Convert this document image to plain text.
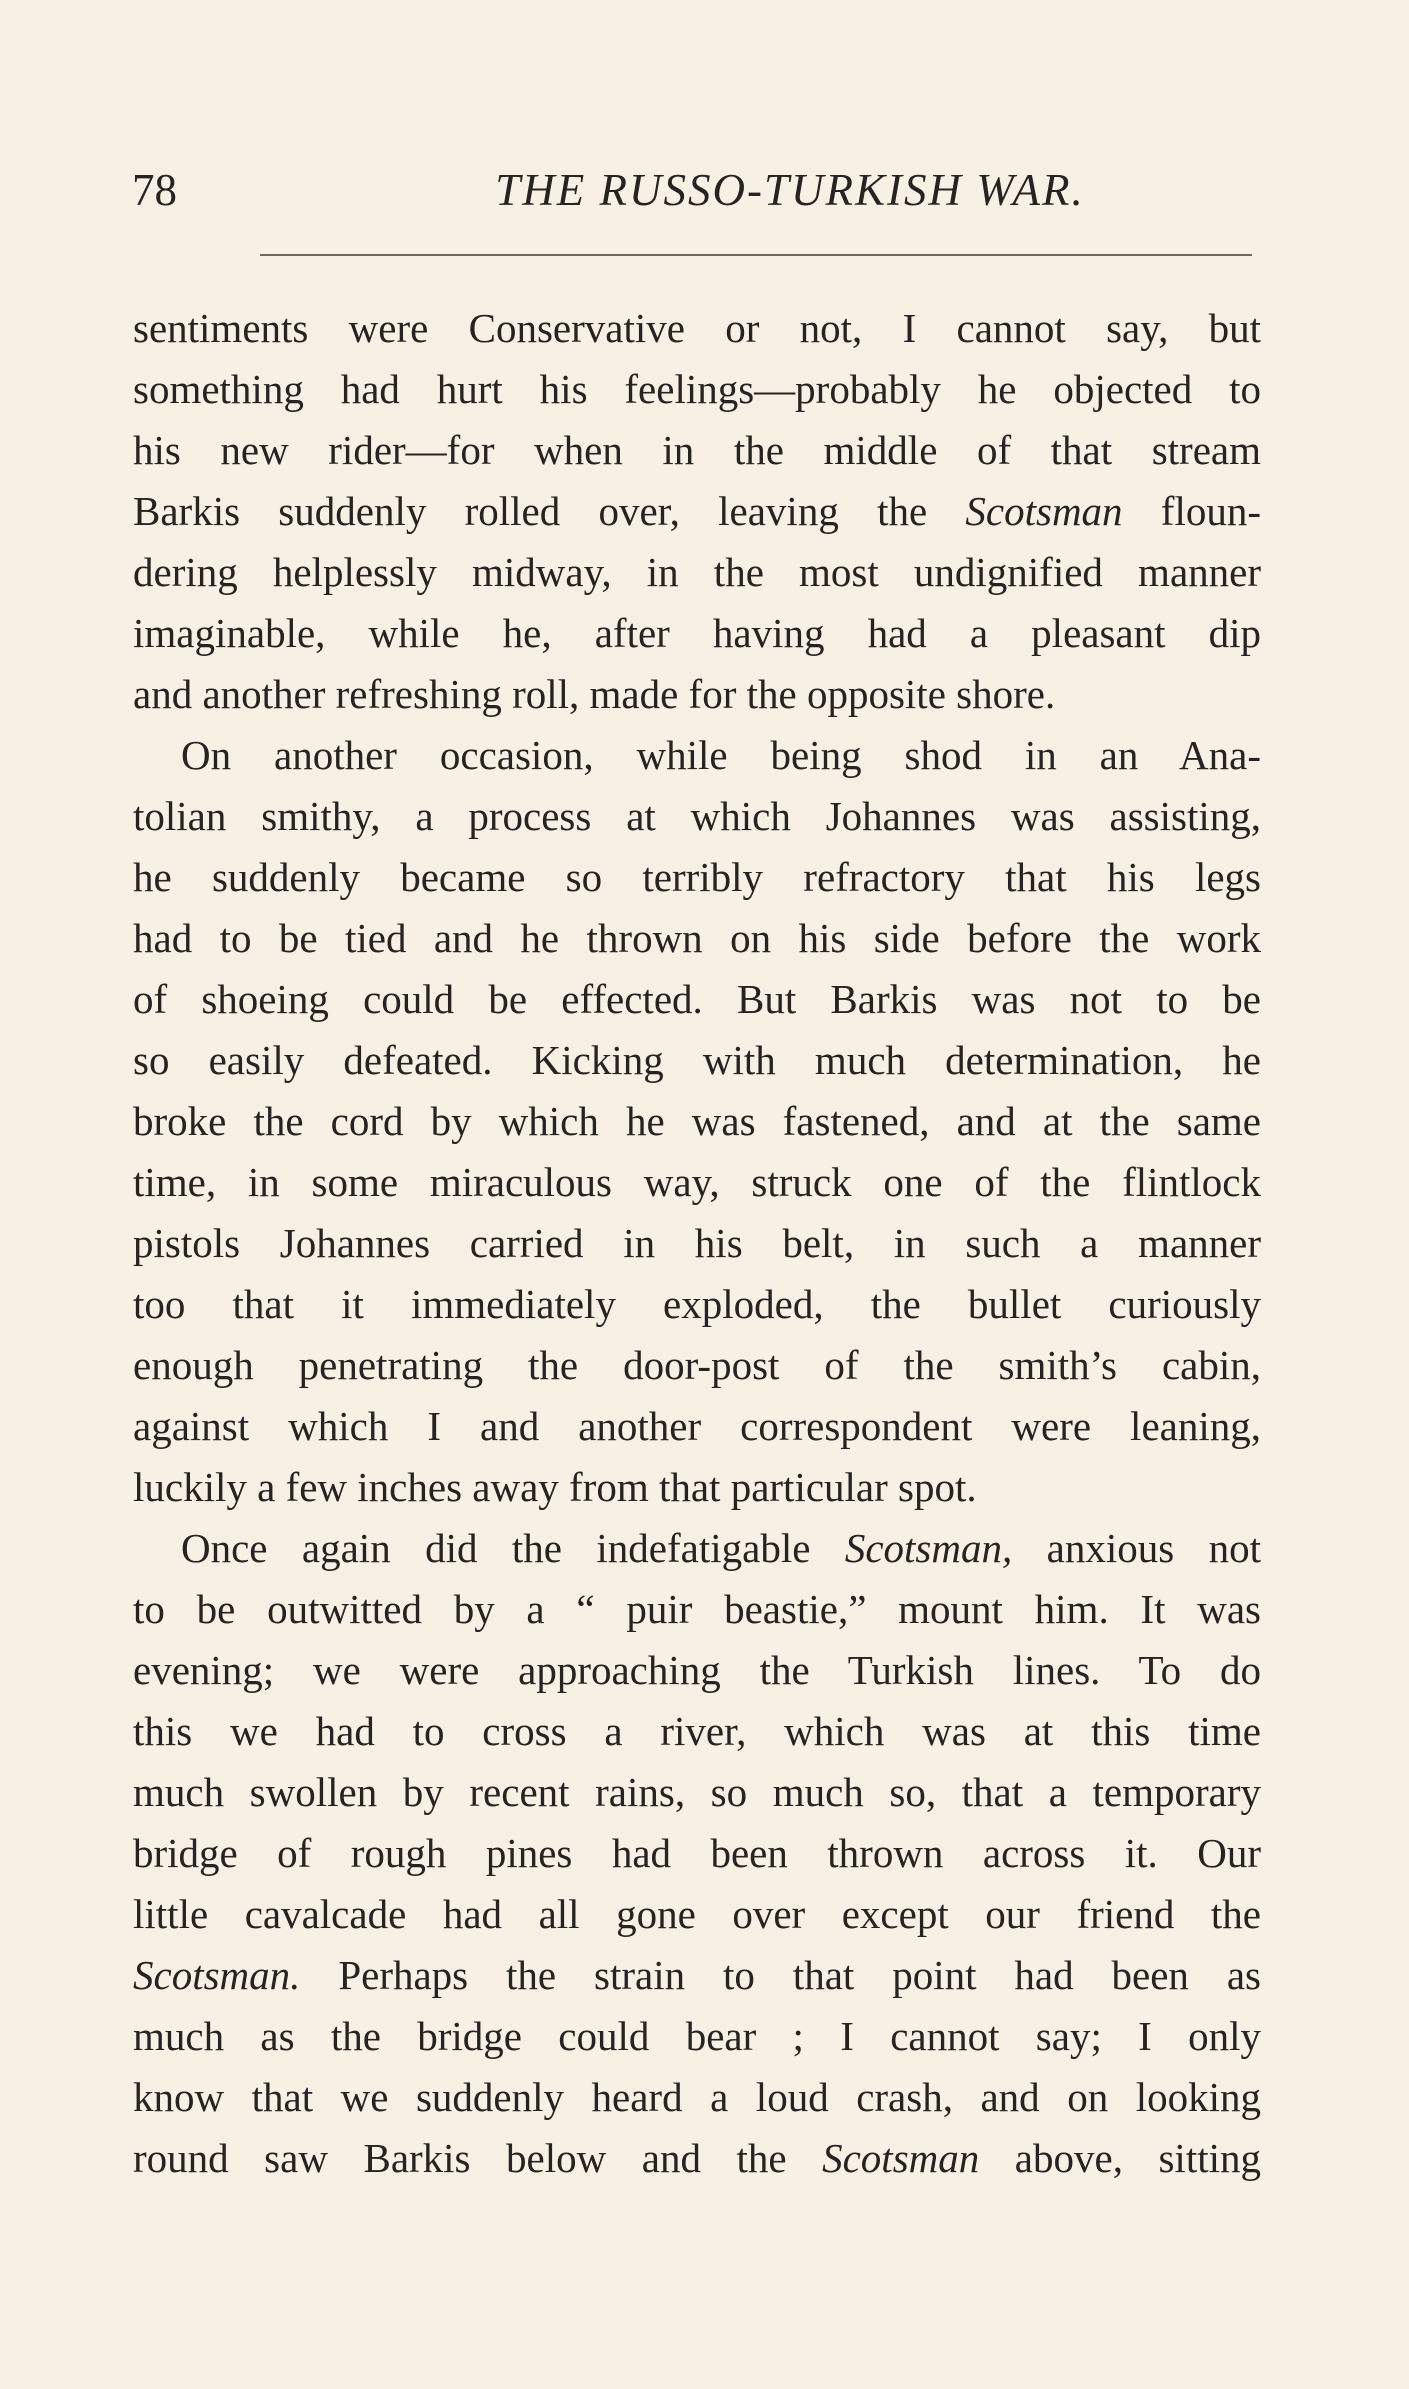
78	THE RUSSO-TURKISH WAR.
sentiments were Conservative or not, I cannot say, but
something had hurt his feelings—probably he objected to
his new rider—for when in the middle of that stream
Barkis suddenly rolled over, leaving the Scotsman floun-
dering helplessly midway, in the most undignified manner
imaginable, while he, after having had a pleasant dip
and another refreshing roll, made for the opposite shore.
On another occasion, while being shod in an Ana-
tolian smithy, a process at which Johannes was assisting,
he suddenly became so terribly refractory that his legs
had to be tied and he thrown on his side before the work
of shoeing could be effected. But Barkis was not to be
so easily defeated. Kicking with much determination, he
broke the cord by which he was fastened, and at the same
time, in some miraculous way, struck one of the flintlock
pistols Johannes carried in his belt, in such a manner
too that it immediately exploded, the bullet curiously
enough penetrating the door-post of the smith’s cabin,
against which I and another correspondent were leaning,
luckily a few inches away from that particular spot.
Once again did the indefatigable Scotsman, anxious not
to be outwitted by a “ puir beastie,” mount him. It was
evening; we were approaching the Turkish lines. To do
this we had to cross a river, which was at this time
much swollen by recent rains, so much so, that a temporary
bridge of rough pines had been thrown across it. Our
little cavalcade had all gone over except our friend the
Scotsman. Perhaps the strain to that point had been as
much as the bridge could bear ; I cannot say; I only
know that we suddenly heard a loud crash, and on looking
round saw Barkis below and the Scotsman above, sitting
